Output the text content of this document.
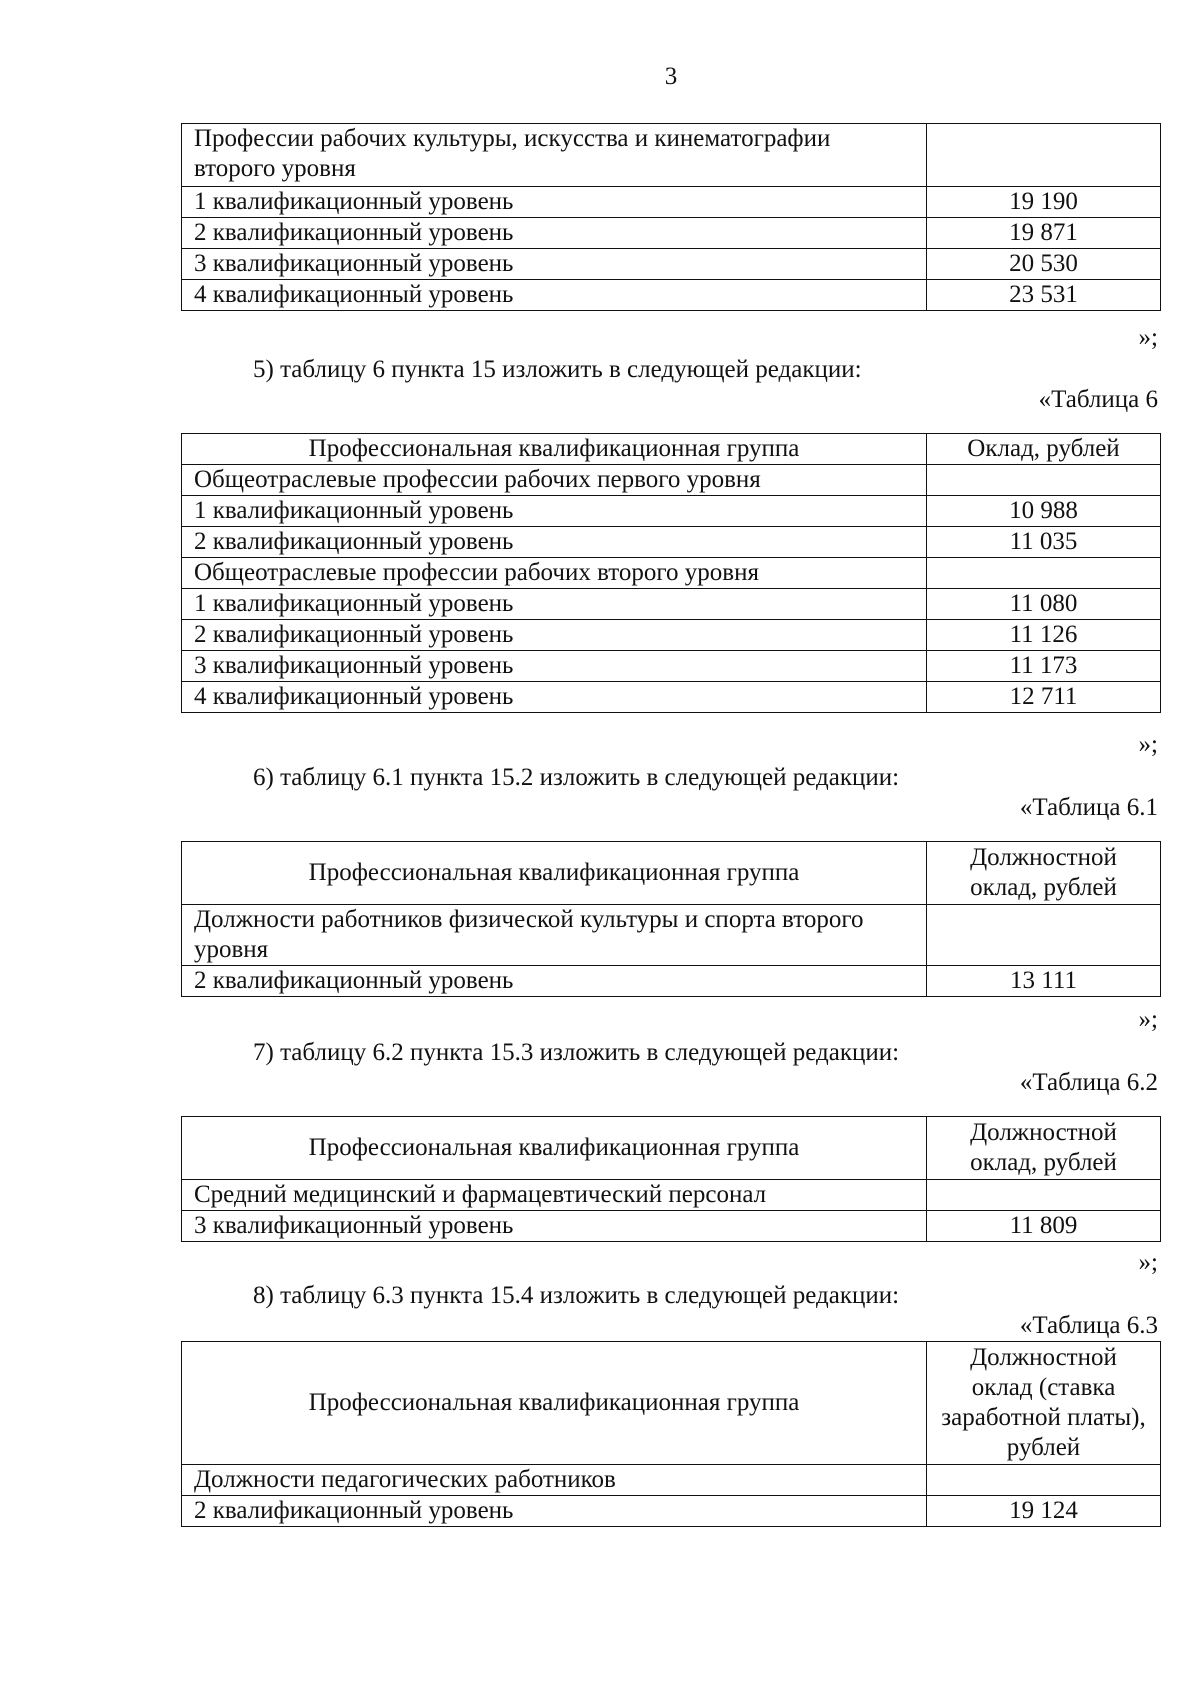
3
Профессии рабочих культуры, искусства и кинематографии второго уровня	
1 квалификационный уровень	19 190
2 квалификационный уровень	19 871
3 квалификационный уровень	20 530
4 квалификационный уровень	23 531
»;
5) таблицу 6 пункта 15 изложить в следующей редакции:
«Таблица 6
Профессиональная квалификационная группа	Оклад, рублей
Общеотраслевые профессии рабочих первого уровня	
1 квалификационный уровень	10 988
2 квалификационный уровень	11 035
Общеотраслевые профессии рабочих второго уровня	
1 квалификационный уровень	11 080
2 квалификационный уровень	11 126
3 квалификационный уровень	11 173
4 квалификационный уровень	12 711
»;
6) таблицу 6.1 пункта 15.2 изложить в следующей редакции:
«Таблица 6.1
Профессиональная квалификационная группа	Должностной оклад, рублей
Должности работников физической культуры и спорта второго уровня	
2 квалификационный уровень	13 111
»;
7) таблицу 6.2 пункта 15.3 изложить в следующей редакции:
«Таблица 6.2
Профессиональная квалификационная группа	Должностной оклад, рублей
Средний медицинский и фармацевтический персонал	
3 квалификационный уровень	11 809
»;
8) таблицу 6.3 пункта 15.4 изложить в следующей редакции:
«Таблица 6.3
Профессиональная квалификационная группа	Должностной оклад (ставка заработной платы), рублей
Должности педагогических работников	
2 квалификационный уровень	19 124
